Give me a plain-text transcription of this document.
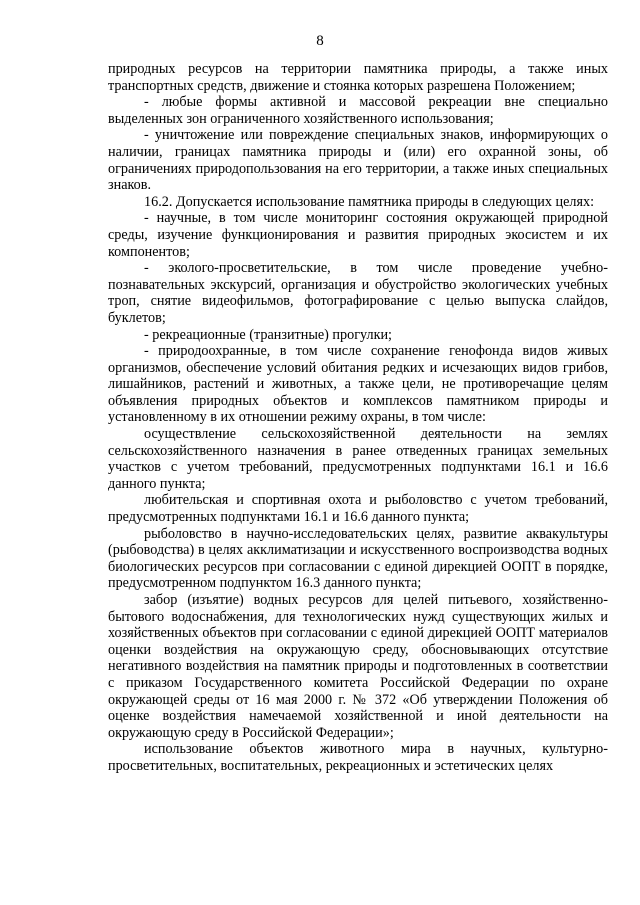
8

природных ресурсов на территории памятника природы, а также иных транспортных средств, движение и стоянка которых разрешена Положением;

- любые формы активной и массовой рекреации вне специально выделенных зон ограниченного хозяйственного использования;

- уничтожение или повреждение специальных знаков, информирующих о наличии, границах памятника природы и (или) его охранной зоны, об ограничениях природопользования на его территории, а также иных специальных знаков.

16.2. Допускается использование памятника природы в следующих целях:

- научные, в том числе мониторинг состояния окружающей природной среды, изучение функционирования и развития природных экосистем и их компонентов;

- эколого-просветительские, в том числе проведение учебно-познавательных экскурсий, организация и обустройство экологических учебных троп, снятие видеофильмов, фотографирование с целью выпуска слайдов, буклетов;

- рекреационные (транзитные) прогулки;

- природоохранные, в том числе сохранение генофонда видов живых организмов, обеспечение условий обитания редких и исчезающих видов грибов, лишайников, растений и животных, а также цели, не противоречащие целям объявления природных объектов и комплексов памятником природы и установленному в их отношении режиму охраны, в том числе:

осуществление сельскохозяйственной деятельности на землях сельскохозяйственного назначения в ранее отведенных границах земельных участков с учетом требований, предусмотренных подпунктами 16.1 и 16.6 данного пункта;

любительская и спортивная охота и рыболовство с учетом требований, предусмотренных подпунктами 16.1 и 16.6 данного пункта;

рыболовство в научно-исследовательских целях, развитие аквакультуры (рыбоводства) в целях акклиматизации и искусственного воспроизводства водных биологических ресурсов при согласовании с единой дирекцией ООПТ в порядке, предусмотренном подпунктом 16.3 данного пункта;

забор (изъятие) водных ресурсов для целей питьевого, хозяйственно-бытового водоснабжения, для технологических нужд существующих жилых и хозяйственных объектов при согласовании с единой дирекцией ООПТ материалов оценки воздействия на окружающую среду, обосновывающих отсутствие негативного воздействия на памятник природы и подготовленных в соответствии с приказом Государственного комитета Российской Федерации по охране окружающей среды от 16 мая 2000 г. № 372 «Об утверждении Положения об оценке воздействия намечаемой хозяйственной и иной деятельности на окружающую среду в Российской Федерации»;

использование объектов животного мира в научных, культурно-просветительных, воспитательных, рекреационных и эстетических целях
